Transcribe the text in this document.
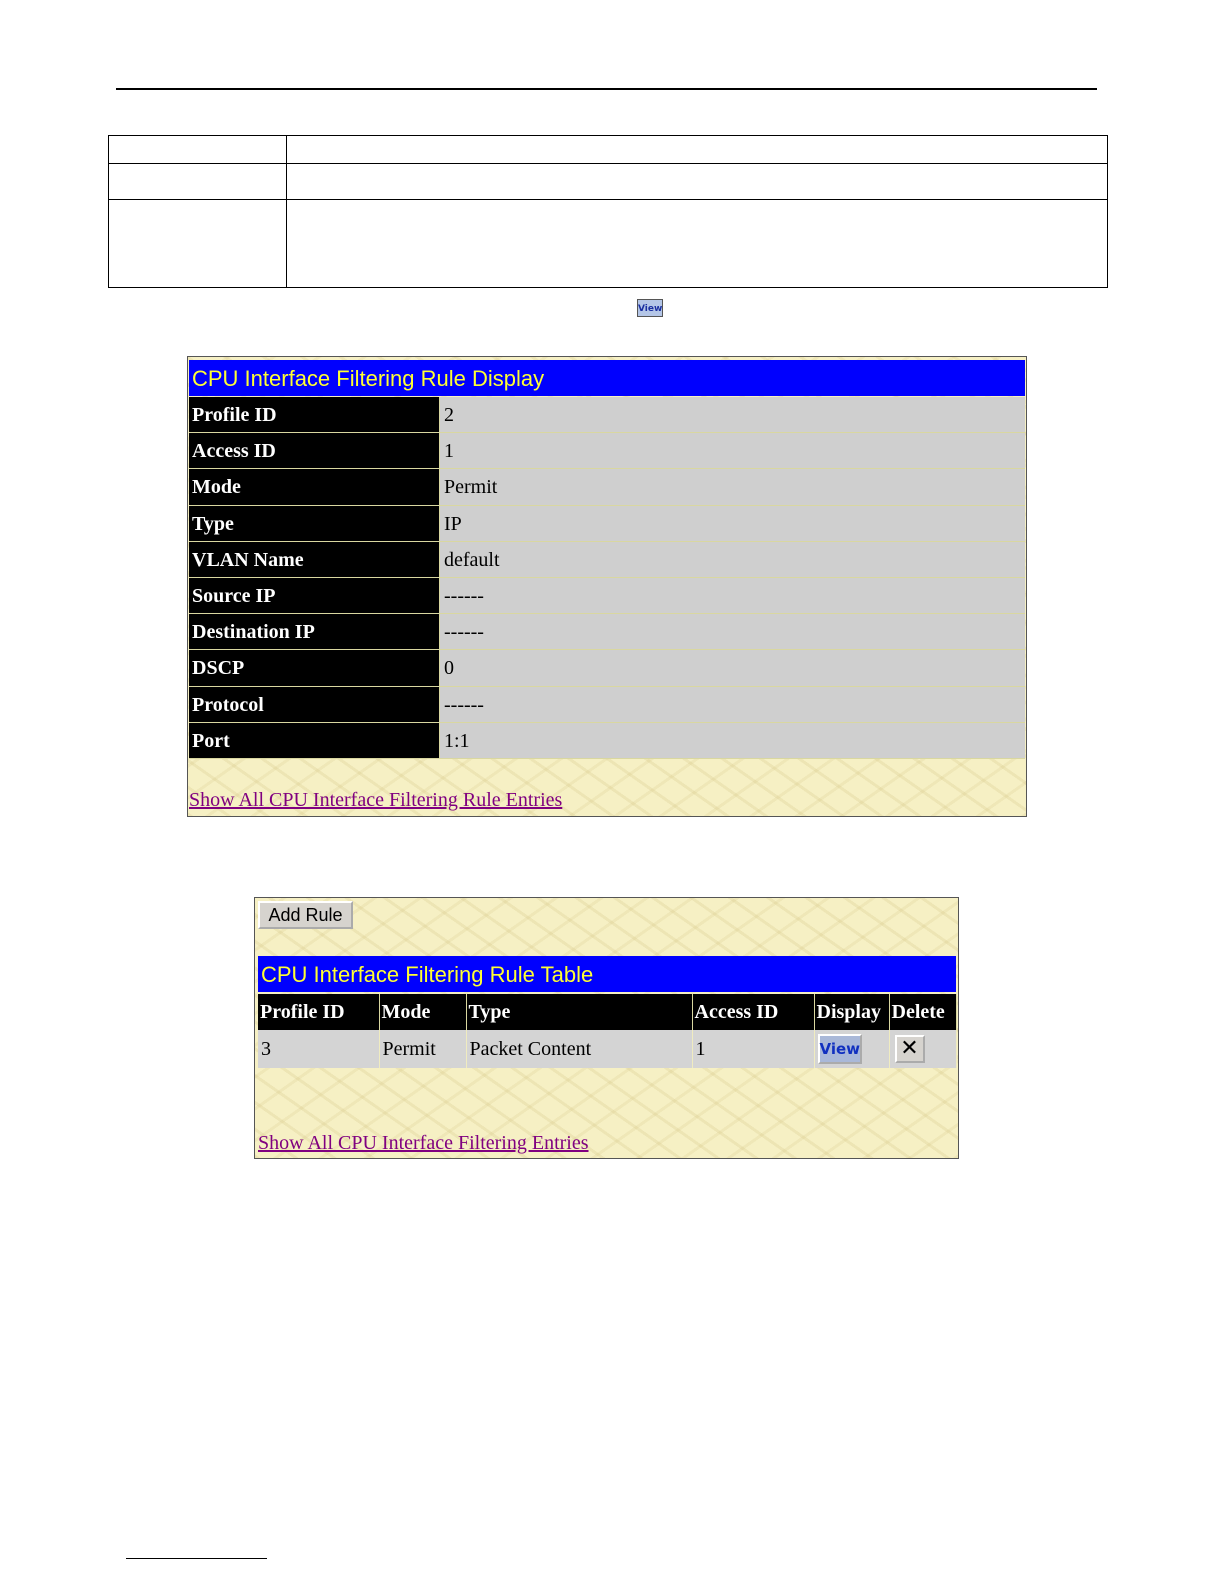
View
CPU Interface Filtering Rule Display
Profile ID	2
Access ID	1
Mode	Permit
Type	IP
VLAN Name	default
Source IP	------
Destination IP	------
DSCP	0
Protocol	------
Port	1:1
Show All CPU Interface Filtering Rule Entries
Add Rule
CPU Interface Filtering Rule Table
Profile ID	Mode	Type	Access ID	Display	Delete
3	Permit	Packet Content	1	View	✕
Show All CPU Interface Filtering Entries
